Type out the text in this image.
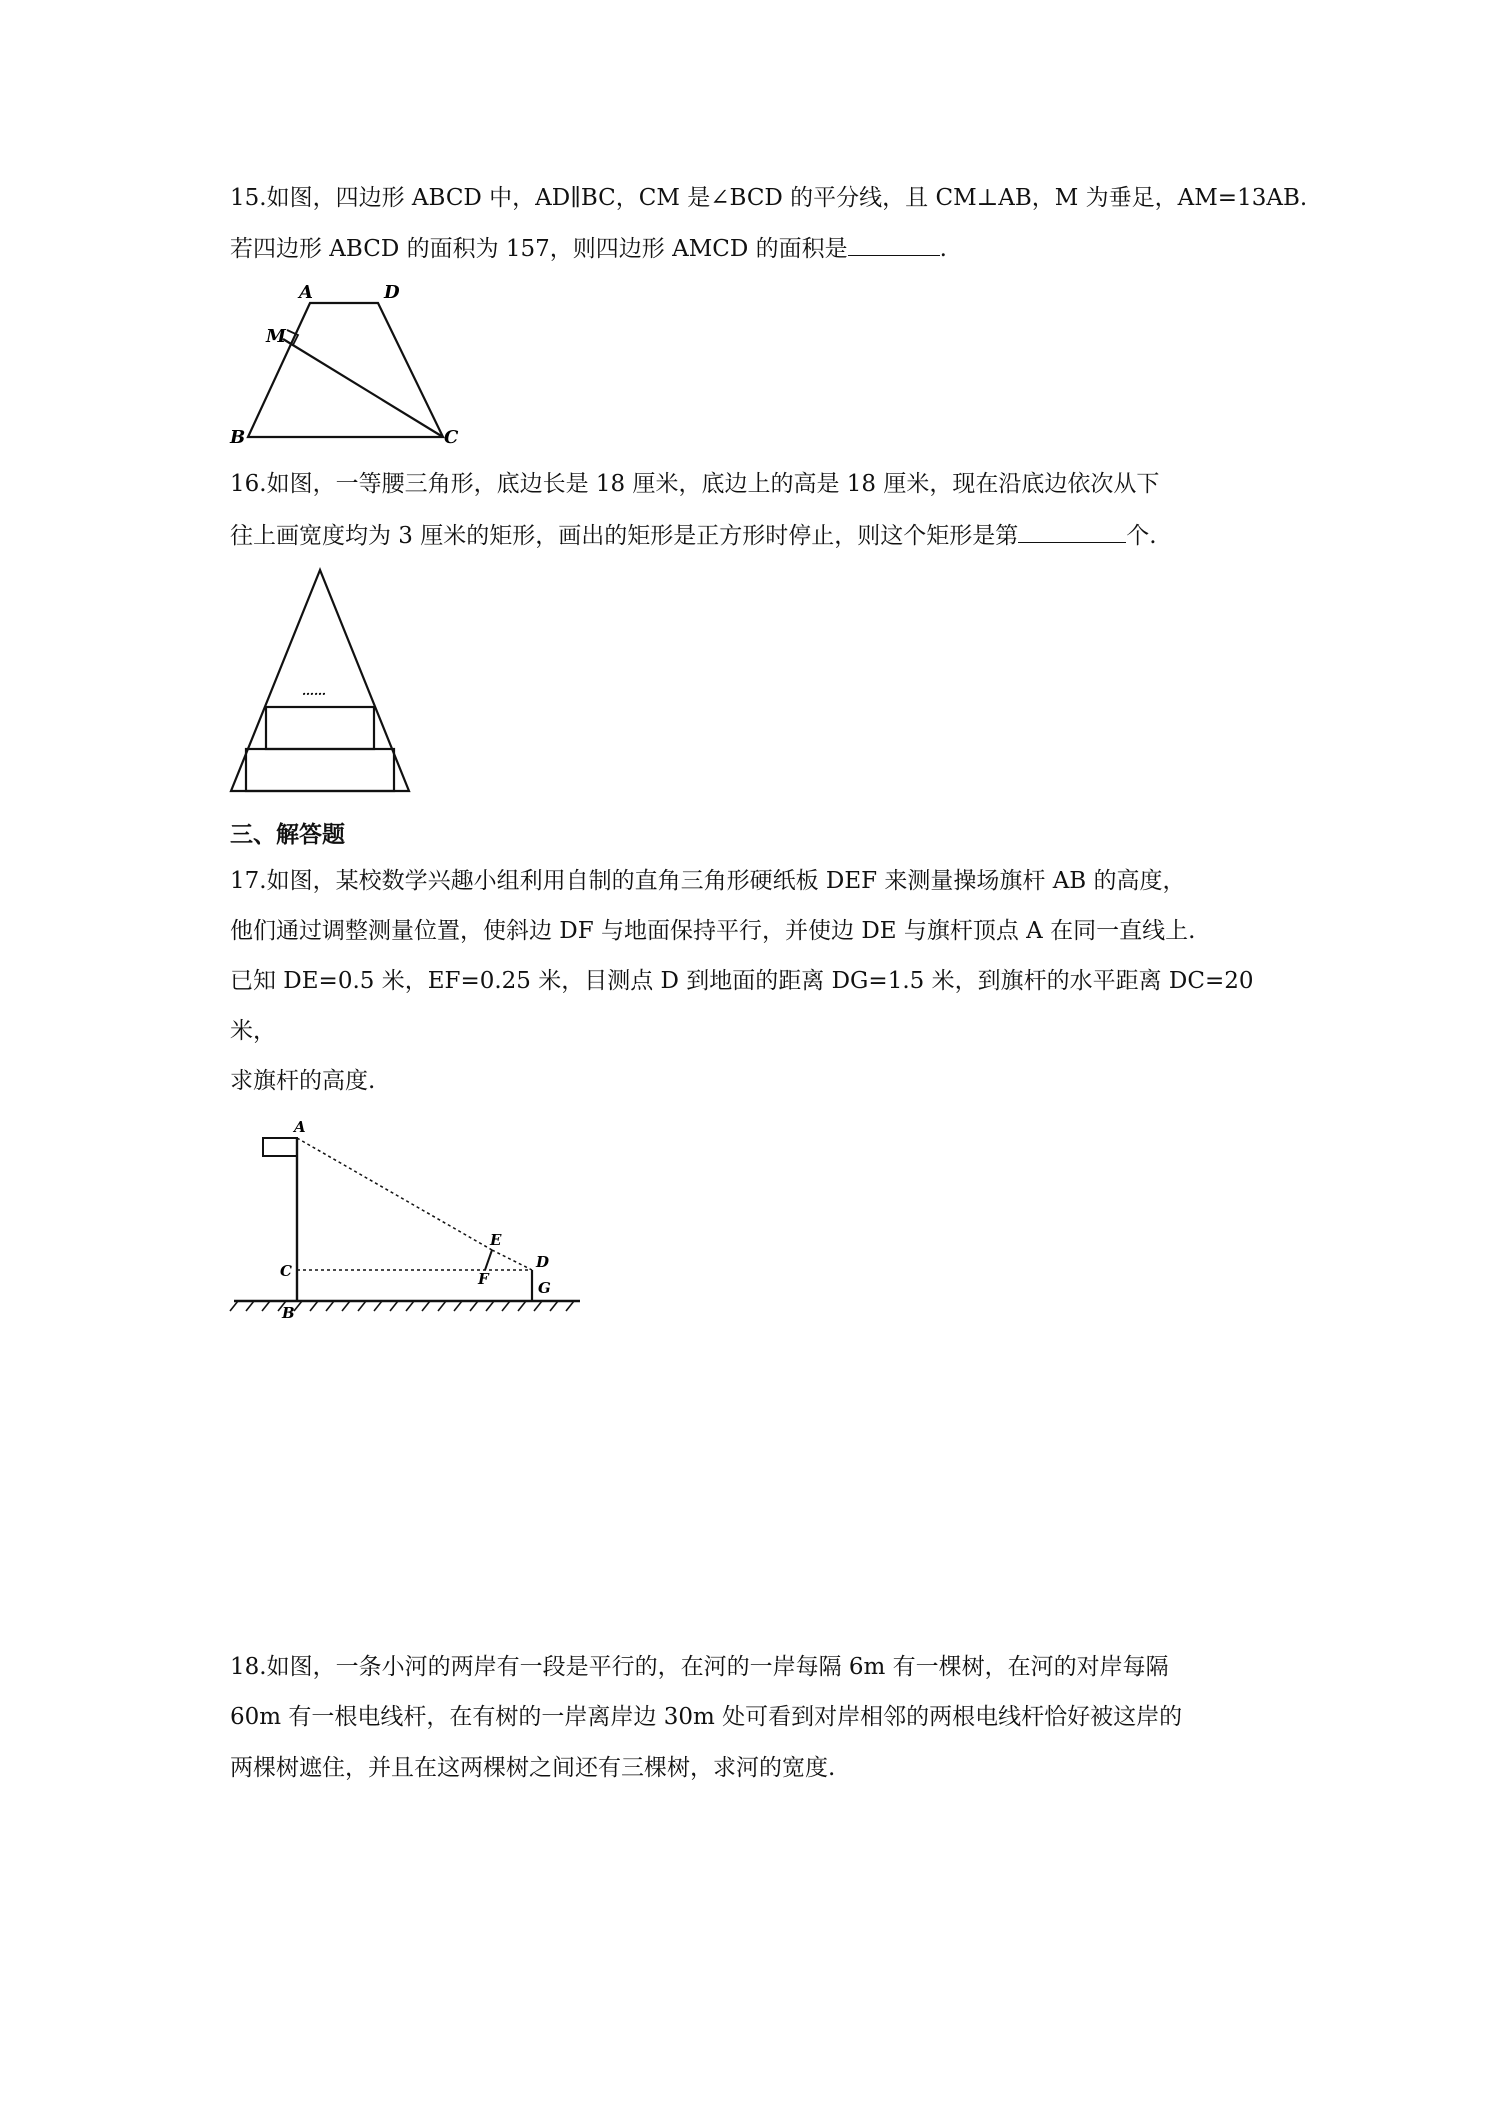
15.如图，四边形 ABCD 中，AD∥BC，CM 是∠BCD 的平分线，且 CM⊥AB，M 为垂足，AM=13AB.
若四边形 ABCD 的面积为 157，则四边形 AMCD 的面积是	.
A	D
M
B	C
16.如图，一等腰三角形，底边长是 18 厘米，底边上的高是 18 厘米，现在沿底边依次从下
往上画宽度均为 3 厘米的矩形，画出的矩形是正方形时停止，则这个矩形是第	个.
……
三、解答题
17.如图，某校数学兴趣小组利用自制的直角三角形硬纸板 DEF 来测量操场旗杆 AB 的高度，
他们通过调整测量位置，使斜边 DF 与地面保持平行，并使边 DE 与旗杆顶点 A 在同一直线上.
已知 DE=0.5 米，EF=0.25 米，目测点 D 到地面的距离 DG=1.5 米，到旗杆的水平距离 DC=20
米，
求旗杆的高度.
A
C
B
E
F
D
G
18.如图，一条小河的两岸有一段是平行的，在河的一岸每隔 6m 有一棵树，在河的对岸每隔
60m 有一根电线杆，在有树的一岸离岸边 30m 处可看到对岸相邻的两根电线杆恰好被这岸的
两棵树遮住，并且在这两棵树之间还有三棵树，求河的宽度.
